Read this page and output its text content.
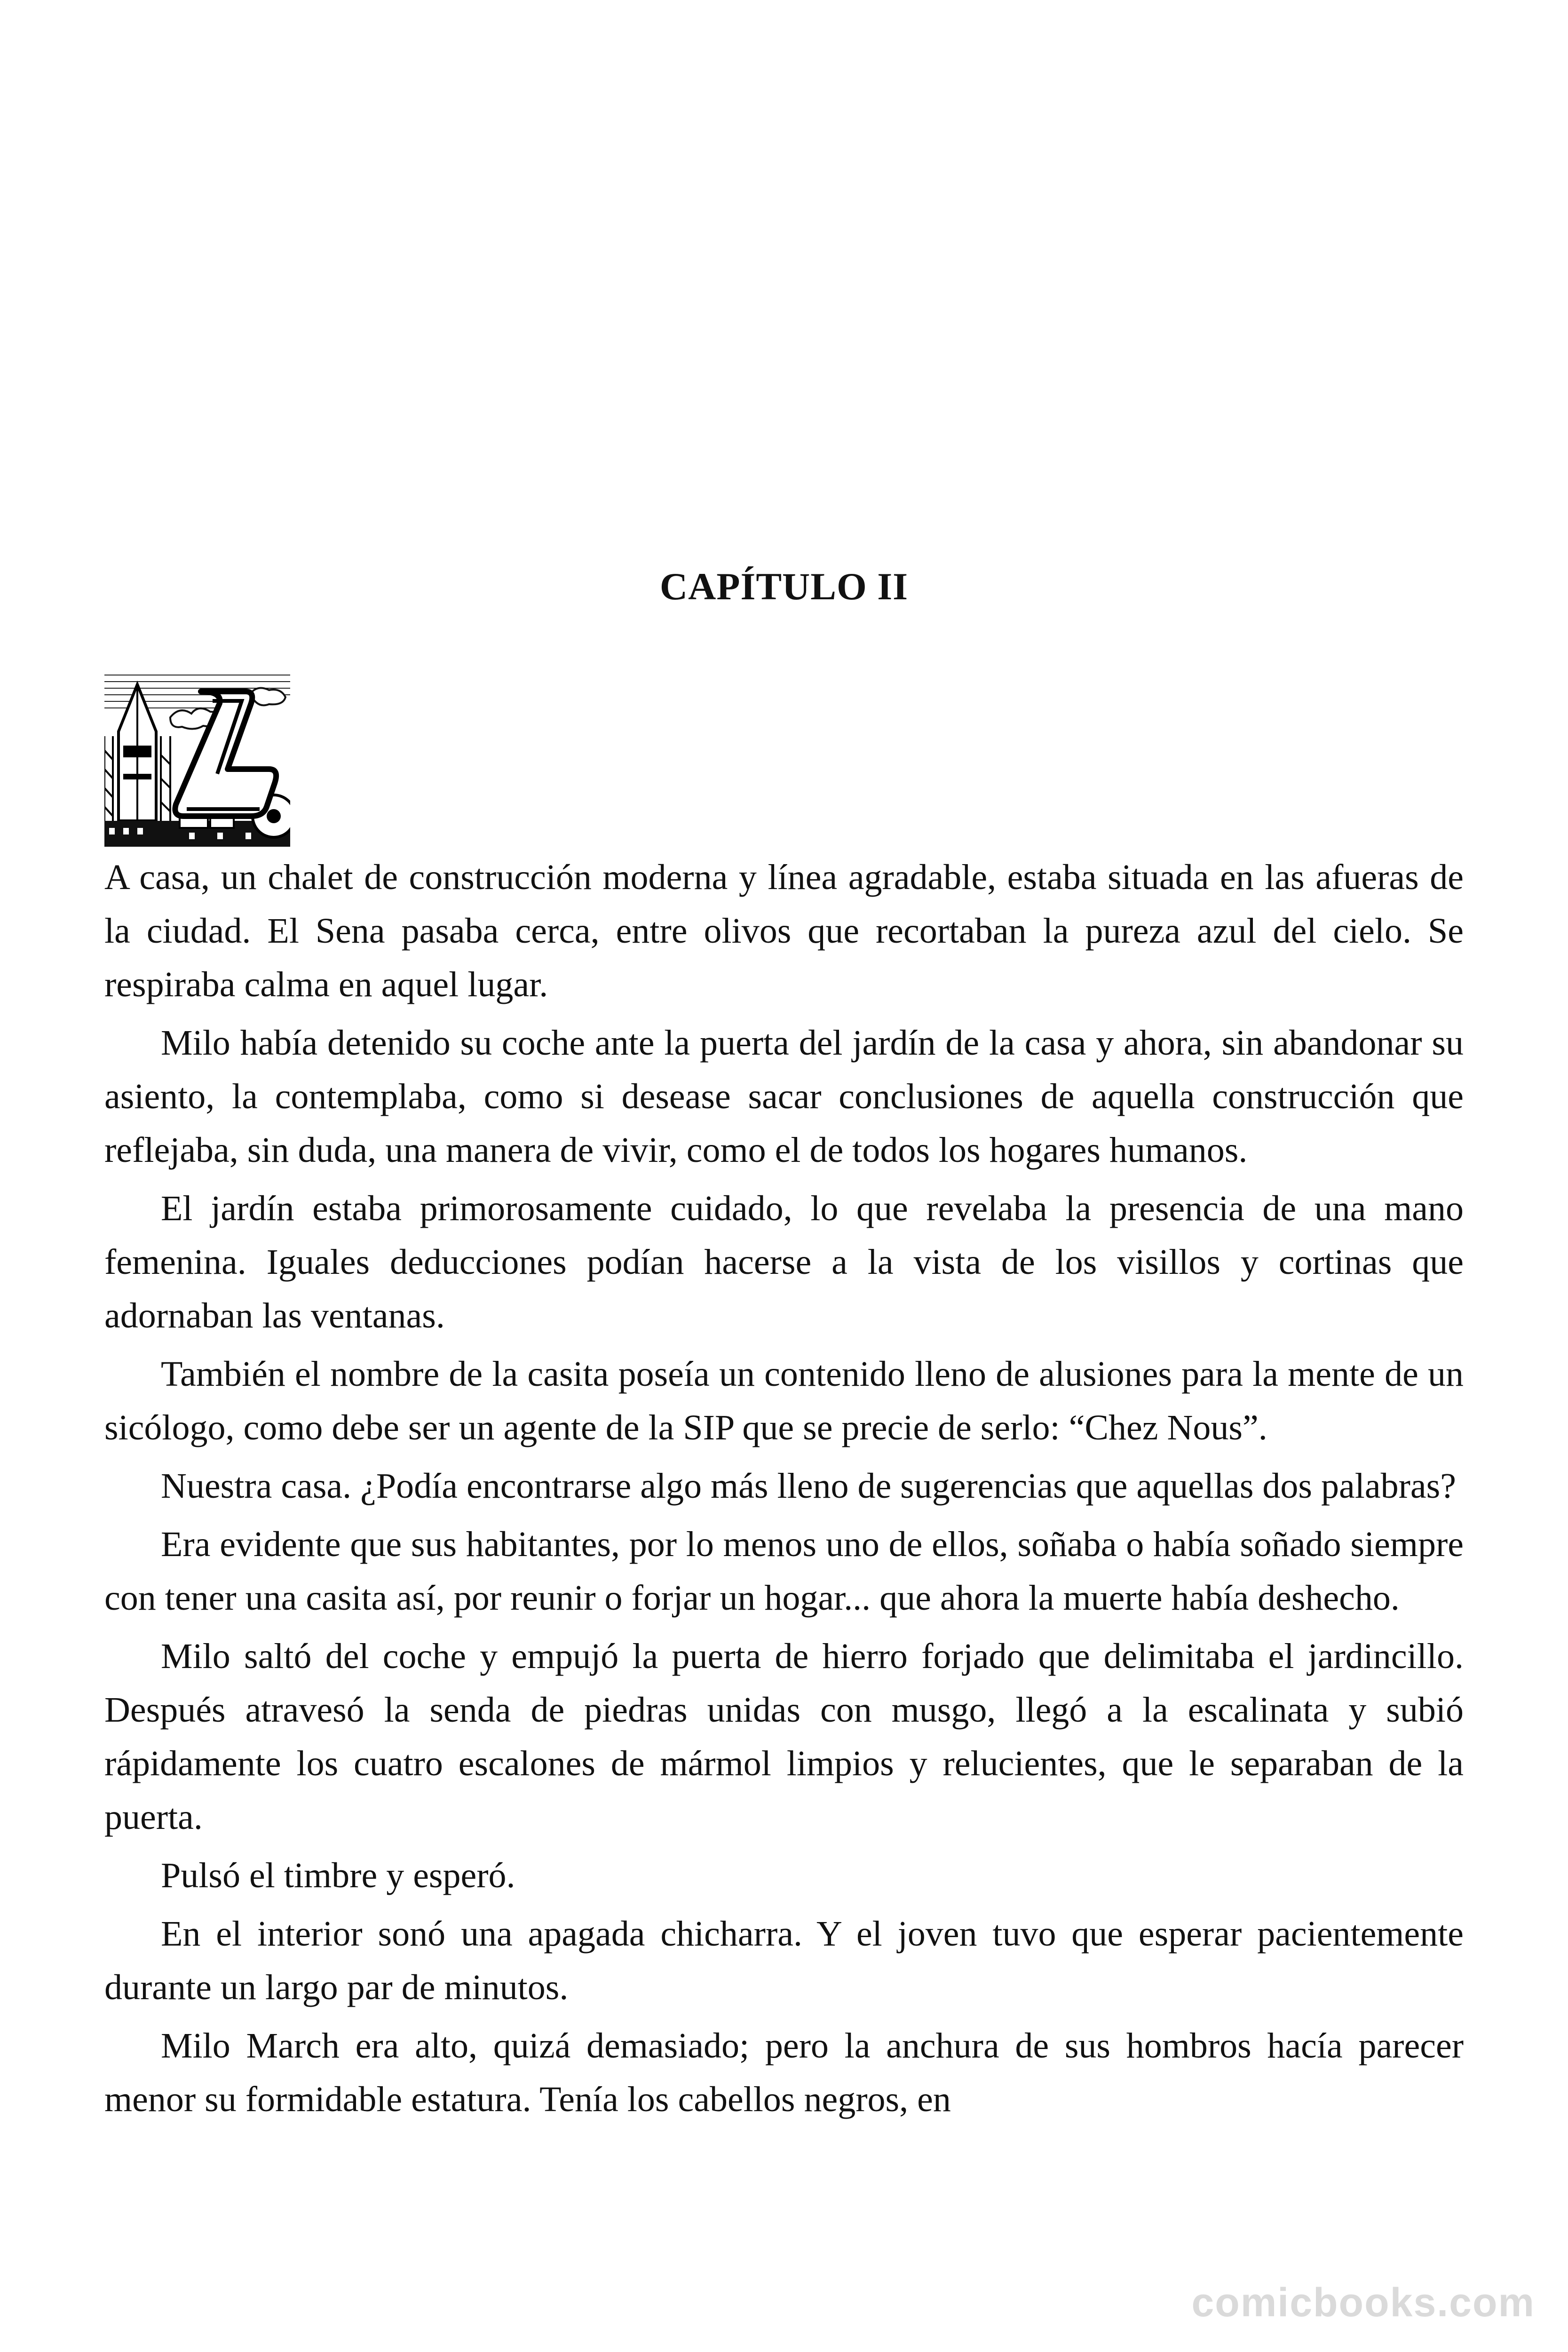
CAPÍTULO II

A casa, un chalet de construcción moderna y línea agradable, estaba situada en las afueras de la ciudad. El Sena pasaba cerca, entre olivos que recortaban la pureza azul del cielo. Se respiraba calma en aquel lugar.

Milo había detenido su coche ante la puerta del jardín de la casa y ahora, sin abandonar su asiento, la contemplaba, como si desease sacar conclusiones de aquella construcción que reflejaba, sin duda, una manera de vivir, como el de todos los hogares humanos.

El jardín estaba primorosamente cuidado, lo que revelaba la presencia de una mano femenina. Iguales deducciones podían hacerse a la vista de los visillos y cortinas que adornaban las ventanas.

También el nombre de la casita poseía un contenido lleno de alusiones para la mente de un sicólogo, como debe ser un agente de la SIP que se precie de serlo: “Chez Nous”.

Nuestra casa. ¿Podía encontrarse algo más lleno de sugerencias que aquellas dos palabras?

Era evidente que sus habitantes, por lo menos uno de ellos, soñaba o había soñado siempre con tener una casita así, por reunir o forjar un hogar... que ahora la muerte había deshecho.

Milo saltó del coche y empujó la puerta de hierro forjado que delimitaba el jardincillo. Después atravesó la senda de piedras unidas con musgo, llegó a la escalinata y subió rápidamente los cuatro escalones de mármol limpios y relucientes, que le separaban de la puerta.

Pulsó el timbre y esperó.

En el interior sonó una apagada chicharra. Y el joven tuvo que esperar pacientemente durante un largo par de minutos.

Milo March era alto, quizá demasiado; pero la anchura de sus hombros hacía parecer menor su formidable estatura. Tenía los cabellos negros, en

comicbooks.com
